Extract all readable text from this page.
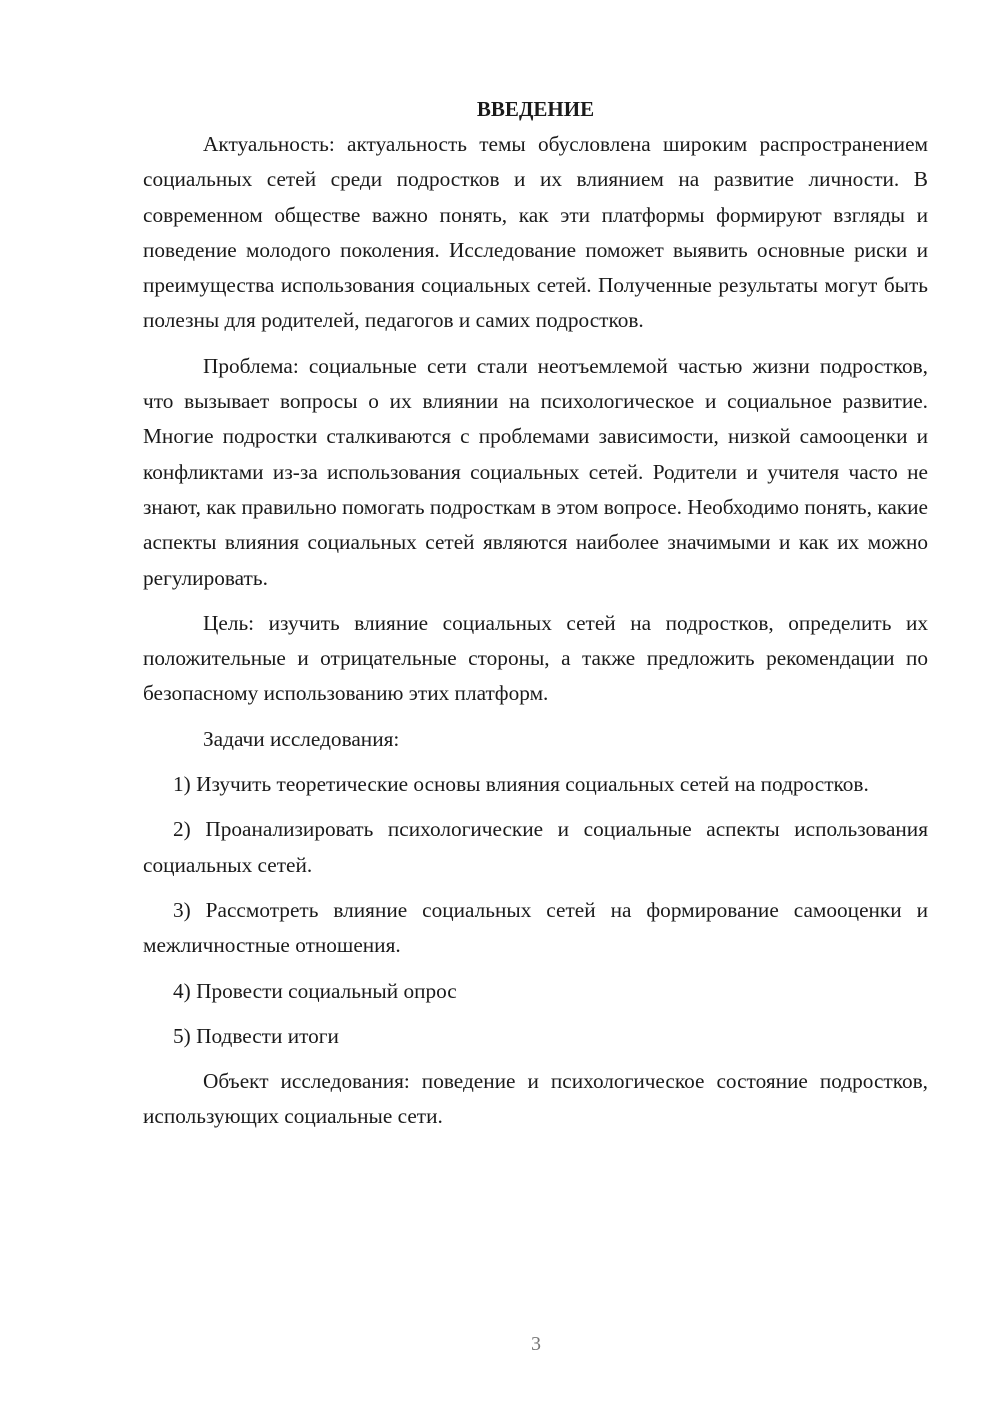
ВВЕДЕНИЕ

Актуальность: актуальность темы обусловлена широким распространением социальных сетей среди подростков и их влиянием на развитие личности. В современном обществе важно понять, как эти платформы формируют взгляды и поведение молодого поколения. Исследование поможет выявить основные риски и преимущества использования социальных сетей. Полученные результаты могут быть полезны для родителей, педагогов и самих подростков.

Проблема: социальные сети стали неотъемлемой частью жизни подростков, что вызывает вопросы о их влиянии на психологическое и социальное развитие. Многие подростки сталкиваются с проблемами зависимости, низкой самооценки и конфликтами из-за использования социальных сетей. Родители и учителя часто не знают, как правильно помогать подросткам в этом вопросе. Необходимо понять, какие аспекты влияния социальных сетей являются наиболее значимыми и как их можно регулировать.

Цель: изучить влияние социальных сетей на подростков, определить их положительные и отрицательные стороны, а также предложить рекомендации по безопасному использованию этих платформ.

Задачи исследования:

1) Изучить теоретические основы влияния социальных сетей на подростков.

2) Проанализировать психологические и социальные аспекты использования социальных сетей.

3) Рассмотреть влияние социальных сетей на формирование самооценки и межличностные отношения.

4) Провести социальный опрос

5) Подвести итоги

Объект исследования: поведение и психологическое состояние подростков, использующих социальные сети.

3
